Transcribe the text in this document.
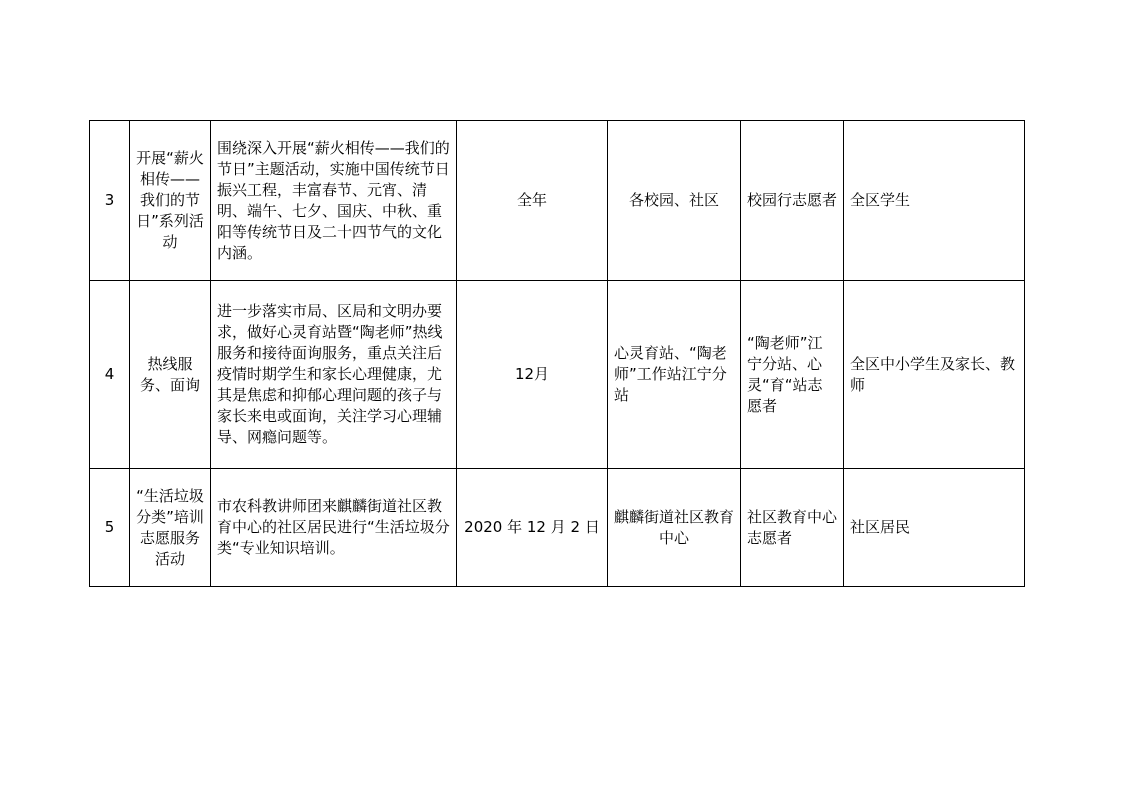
3	开展“薪火相传——我们的节日”系列活动	围绕深入开展“薪火相传——我们的节日”主题活动，实施中国传统节日振兴工程，丰富春节、元宵、清明、端午、七夕、国庆、中秋、重阳等传统节日及二十四节气的文化内涵。	全年	各校园、社区	校园行志愿者	全区学生
4	热线服务、面询	进一步落实市局、区局和文明办要求，做好心灵育站暨“陶老师”热线服务和接待面询服务，重点关注后疫情时期学生和家长心理健康，尤其是焦虑和抑郁心理问题的孩子与家长来电或面询，关注学习心理辅导、网瘾问题等。	12月	心灵育站、“陶老师”工作站江宁分站	“陶老师”江宁分站、心灵“育“站志愿者	全区中小学生及家长、教师
5	“生活垃圾分类”培训志愿服务活动	市农科教讲师团来麒麟街道社区教育中心的社区居民进行“生活垃圾分类“专业知识培训。	2020 年 12 月 2 日	麒麟街道社区教育中心	社区教育中心志愿者	社区居民
